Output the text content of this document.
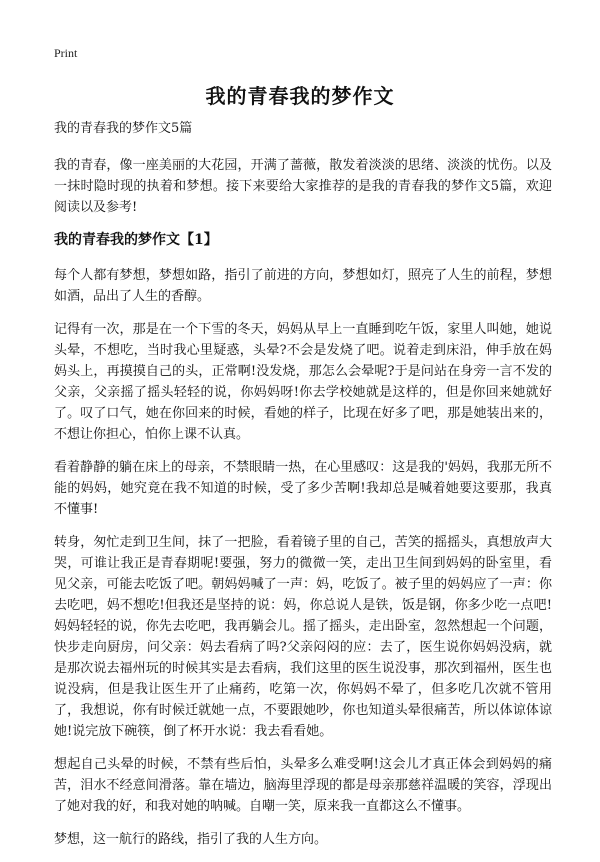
Print
我的青春我的梦作文

我的青春我的梦作文5篇

我的青春，像一座美丽的大花园，开满了蔷薇，散发着淡淡的思绪、淡淡的忧伤。以及一抹时隐时现的执着和梦想。接下来要给大家推荐的是我的青春我的梦作文5篇，欢迎阅读以及参考!

我的青春我的梦作文【1】

每个人都有梦想，梦想如路，指引了前进的方向，梦想如灯，照亮了人生的前程，梦想如酒，品出了人生的香醇。

记得有一次，那是在一个下雪的冬天，妈妈从早上一直睡到吃午饭，家里人叫她，她说头晕，不想吃，当时我心里疑惑，头晕?不会是发烧了吧。说着走到床沿，伸手放在妈妈头上，再摸摸自己的头，正常啊!没发烧，那怎么会晕呢?于是问站在身旁一言不发的父亲，父亲摇了摇头轻轻的说，你妈妈呀!你去学校她就是这样的，但是你回来她就好了。叹了口气，她在你回来的时候，看她的样子，比现在好多了吧，那是她装出来的，不想让你担心，怕你上课不认真。

看着静静的躺在床上的母亲，不禁眼睛一热，在心里感叹：这是我的'妈妈，我那无所不能的妈妈，她究竟在我不知道的时候，受了多少苦啊!我却总是喊着她要这要那，我真不懂事!

转身，匆忙走到卫生间，抹了一把脸，看着镜子里的自己，苦笑的摇摇头，真想放声大哭，可谁让我正是青春期呢!要强，努力的微微一笑，走出卫生间到妈妈的卧室里，看见父亲，可能去吃饭了吧。朝妈妈喊了一声：妈，吃饭了。被子里的妈妈应了一声：你去吃吧，妈不想吃!但我还是坚持的说：妈，你总说人是铁，饭是钢，你多少吃一点吧!妈妈轻轻的说，你先去吃吧，我再躺会儿。摇了摇头，走出卧室，忽然想起一个问题，快步走向厨房，问父亲：妈去看病了吗?父亲闷闷的应：去了，医生说你妈妈没病，就是那次说去福州玩的时候其实是去看病，我们这里的医生说没事，那次到福州，医生也说没病，但是我让医生开了止痛药，吃第一次，你妈妈不晕了，但多吃几次就不管用了，我想说，你有时候迁就她一点，不要跟她吵，你也知道头晕很痛苦，所以体谅体谅她!说完放下碗筷，倒了杯开水说：我去看看她。

想起自己头晕的时候，不禁有些后怕，头晕多么难受啊!这会儿才真正体会到妈妈的痛苦，泪水不经意间滑落。靠在墙边，脑海里浮现的都是母亲那慈祥温暖的笑容，浮现出了她对我的好，和我对她的呐喊。自嘲一笑，原来我一直都这么不懂事。

梦想，这一航行的路线，指引了我的人生方向。
